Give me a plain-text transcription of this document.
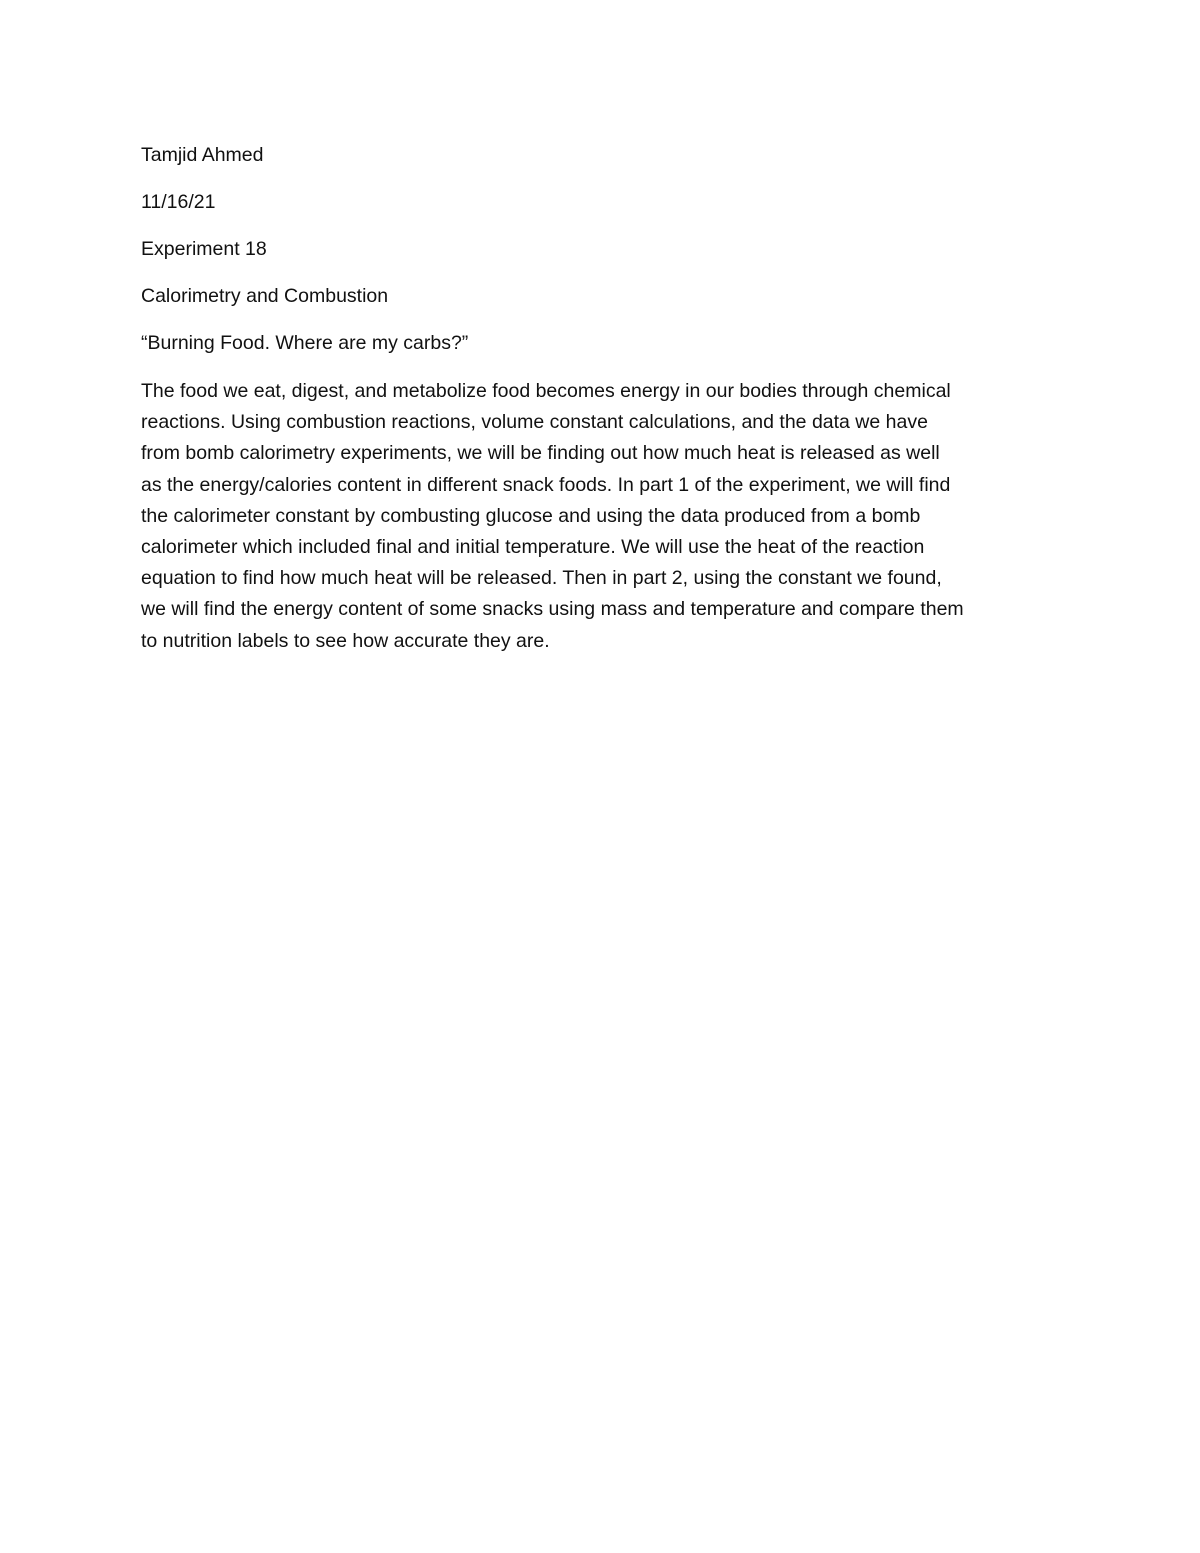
Tamjid Ahmed

11/16/21

Experiment 18

Calorimetry and Combustion

“Burning Food. Where are my carbs?”

The food we eat, digest, and metabolize food becomes energy in our bodies through chemical
reactions. Using combustion reactions, volume constant calculations, and the data we have
from bomb calorimetry experiments, we will be finding out how much heat is released as well
as the energy/calories content in different snack foods. In part 1 of the experiment, we will find
the calorimeter constant by combusting glucose and using the data produced from a bomb
calorimeter which included final and initial temperature. We will use the heat of the reaction
equation to find how much heat will be released. Then in part 2, using the constant we found,
we will find the energy content of some snacks using mass and temperature and compare them
to nutrition labels to see how accurate they are.
